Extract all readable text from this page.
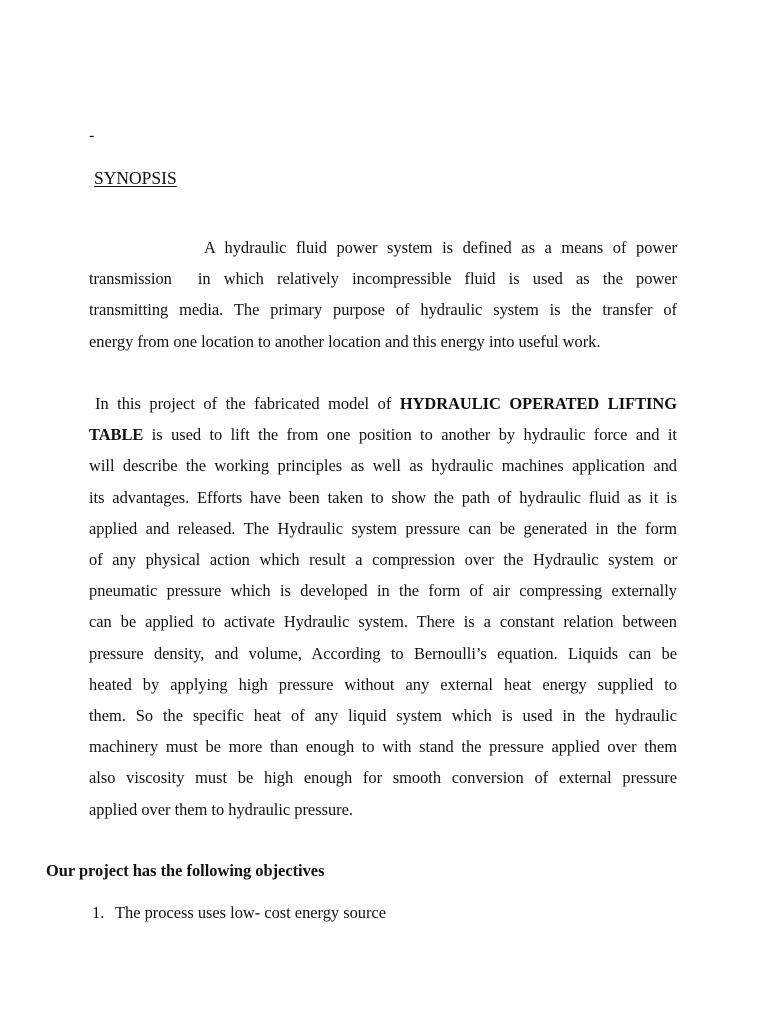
-
SYNOPSIS
A hydraulic fluid power system is defined as a means of power
transmission in which relatively incompressible fluid is used as the power
transmitting media. The primary purpose of hydraulic system is the transfer of
energy from one location to another location and this energy into useful work.
In this project of the fabricated model of HYDRAULIC OPERATED LIFTING
TABLE is used to lift the from one position to another by hydraulic force and it
will describe the working principles as well as hydraulic machines application and
its advantages. Efforts have been taken to show the path of hydraulic fluid as it is
applied and released. The Hydraulic system pressure can be generated in the form
of any physical action which result a compression over the Hydraulic system or
pneumatic pressure which is developed in the form of air compressing externally
can be applied to activate Hydraulic system. There is a constant relation between
pressure density, and volume, According to Bernoulli’s equation. Liquids can be
heated by applying high pressure without any external heat energy supplied to
them. So the specific heat of any liquid system which is used in the hydraulic
machinery must be more than enough to with stand the pressure applied over them
also viscosity must be high enough for smooth conversion of external pressure
applied over them to hydraulic pressure.
Our project has the following objectives
1. The process uses low- cost energy source
